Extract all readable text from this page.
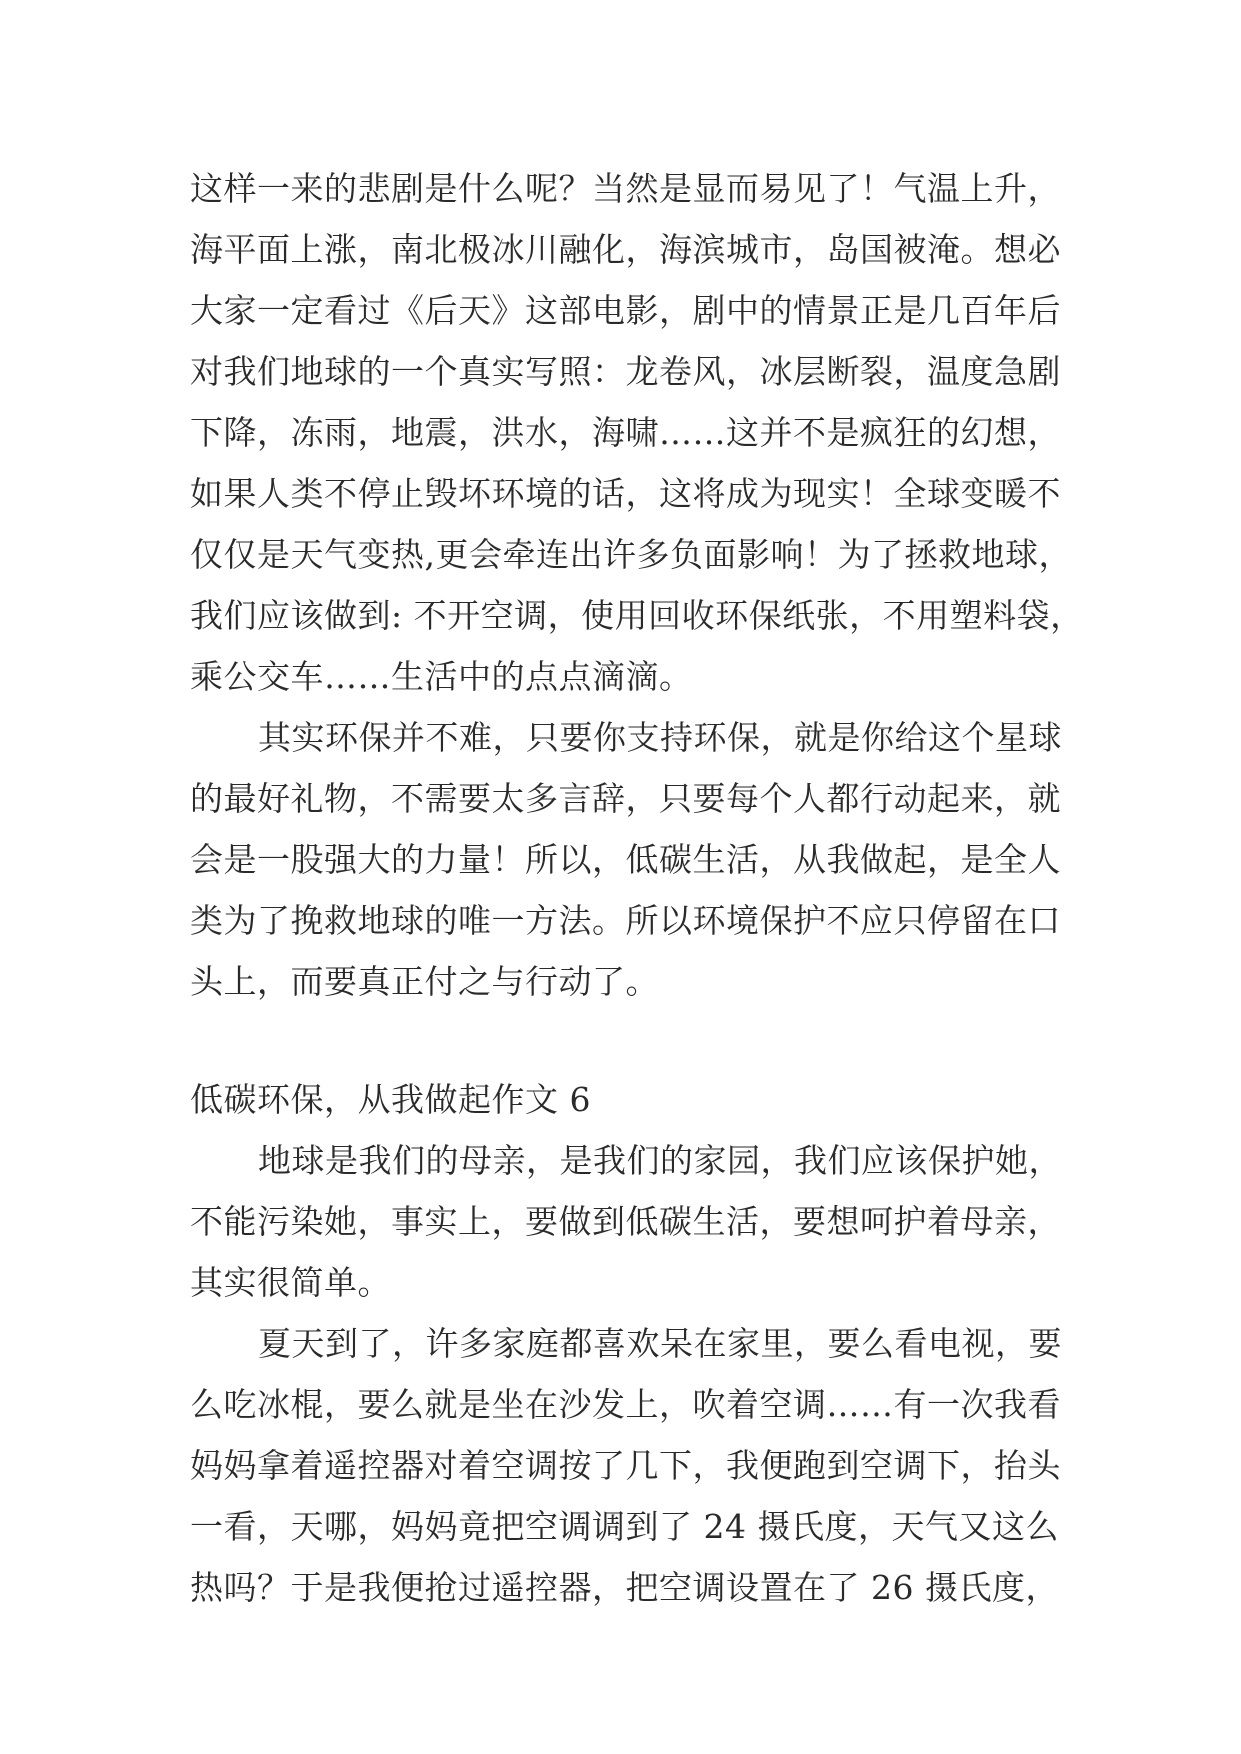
这样一来的悲剧是什么呢？当然是显而易见了！气温上升，
海平面上涨，南北极冰川融化，海滨城市，岛国被淹。想必
大家一定看过《后天》这部电影，剧中的情景正是几百年后
对我们地球的一个真实写照：龙卷风，冰层断裂，温度急剧
下降，冻雨，地震，洪水，海啸……这并不是疯狂的幻想，
如果人类不停止毁坏环境的话，这将成为现实！全球变暖不
仅仅是天气变热,更会牵连出许多负面影响！为了拯救地球，
我们应该做到: 不开空调，使用回收环保纸张，不用塑料袋，
乘公交车……生活中的点点滴滴。
其实环保并不难，只要你支持环保，就是你给这个星球
的最好礼物，不需要太多言辞，只要每个人都行动起来，就
会是一股强大的力量！所以，低碳生活，从我做起，是全人
类为了挽救地球的唯一方法。所以环境保护不应只停留在口
头上，而要真正付之与行动了。
低碳环保，从我做起作文 6
地球是我们的母亲，是我们的家园，我们应该保护她，
不能污染她，事实上，要做到低碳生活，要想呵护着母亲，
其实很简单。
夏天到了，许多家庭都喜欢呆在家里，要么看电视，要
么吃冰棍，要么就是坐在沙发上，吹着空调……有一次我看
妈妈拿着遥控器对着空调按了几下，我便跑到空调下，抬头
一看，天哪，妈妈竟把空调调到了 24 摄氏度，天气又这么
热吗？于是我便抢过遥控器，把空调设置在了 26 摄氏度，
